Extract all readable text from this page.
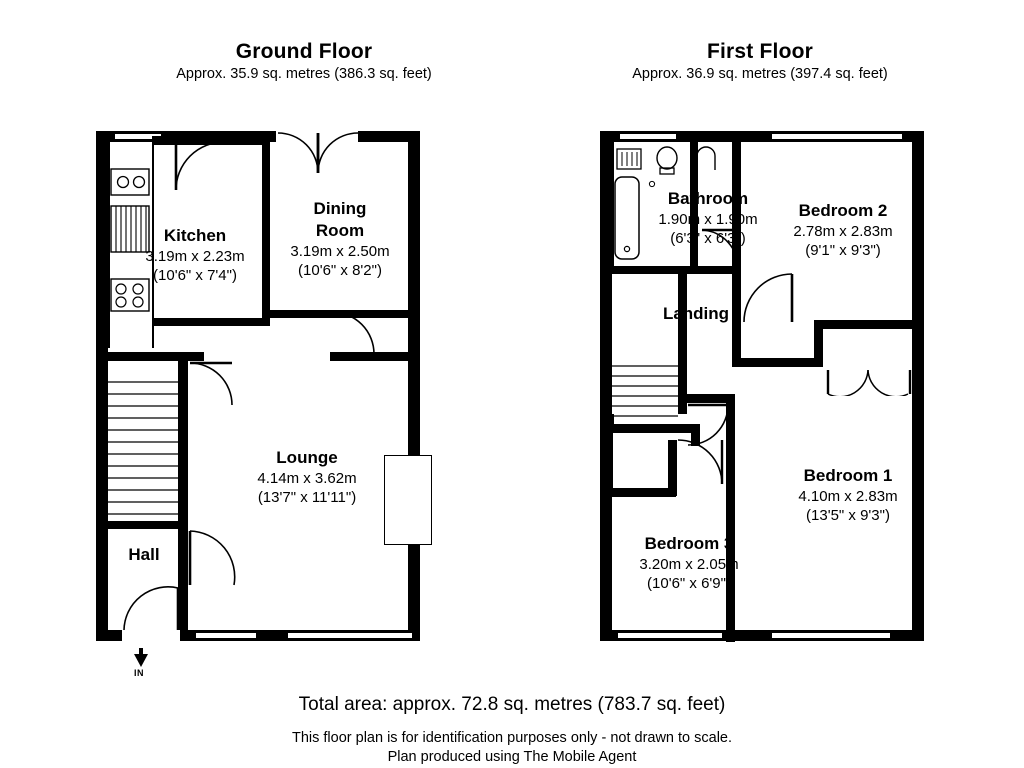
Ground Floor
Approx. 35.9 sq. metres (386.3 sq. feet)
First Floor
Approx. 36.9 sq. metres (397.4 sq. feet)
IN
Kitchen
3.19m x 2.23m
(10'6" x 7'4")
Dining
Room
3.19m x 2.50m
(10'6" x 8'2")
Lounge
4.14m x 3.62m
(13'7" x 11'11")
Hall
Bathroom
1.90m x 1.90m
(6'3" x 6'3")
Bedroom 2
2.78m x 2.83m
(9'1" x 9'3")
Landing
Bedroom 1
4.10m x 2.83m
(13'5" x 9'3")
Bedroom 3
3.20m x 2.05m
(10'6" x 6'9")
Total area: approx. 72.8 sq. metres (783.7 sq. feet)
This floor plan is for identification purposes only - not drawn to scale.
Plan produced using The Mobile Agent
